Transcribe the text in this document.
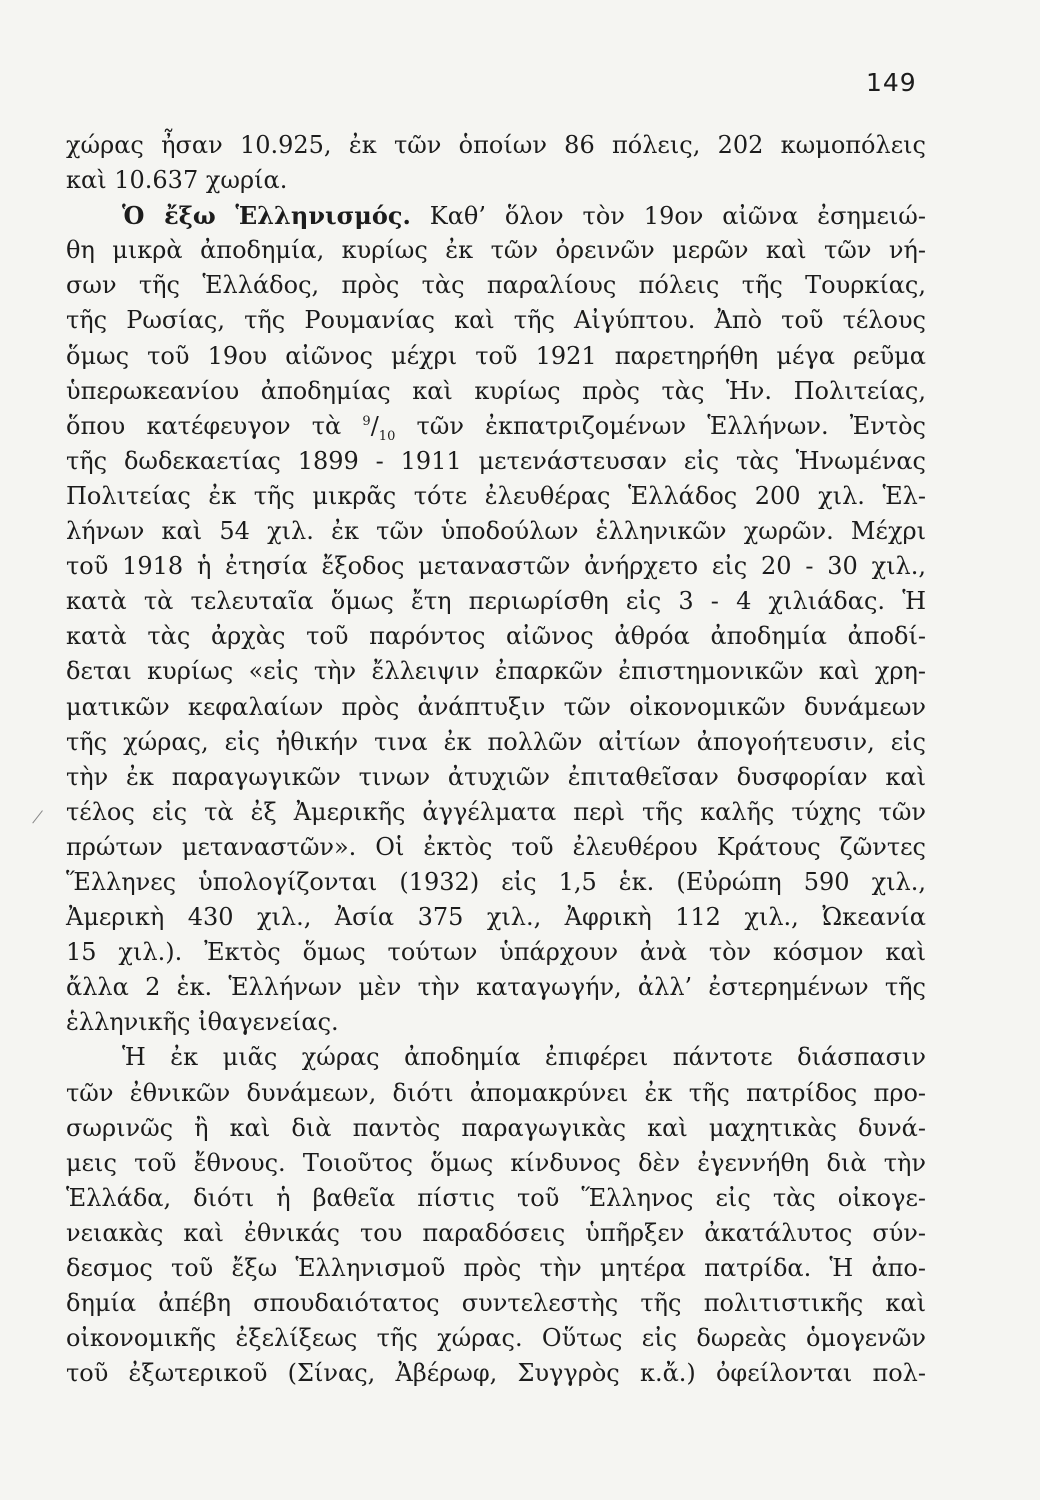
149
χώρας ἦσαν 10.925, ἐκ τῶν ὁποίων 86 πόλεις, 202 κωμοπόλεις
καὶ 10.637 χωρία.
Ὁ ἔξω Ἑλληνισμός. Καθ’ ὅλον τὸν 19ον αἰῶνα ἐσημειώ-
θη μικρὰ ἀποδημία, κυρίως ἐκ τῶν ὀρεινῶν μερῶν καὶ τῶν νή-
σων τῆς Ἑλλάδος, πρὸς τὰς παραλίους πόλεις τῆς Τουρκίας,
τῆς Ρωσίας, τῆς Ρουμανίας καὶ τῆς Αἰγύπτου. Ἀπὸ τοῦ τέλους
ὅμως τοῦ 19ου αἰῶνος μέχρι τοῦ 1921 παρετηρήθη μέγα ρεῦμα
ὑπερωκεανίου ἀποδημίας καὶ κυρίως πρὸς τὰς Ἡν. Πολιτείας,
ὅπου κατέφευγον τὰ $^9/_{10}$ τῶν ἐκπατριζομένων Ἑλλήνων. Ἐντὸς
τῆς δωδεκαετίας 1899 - 1911 μετενάστευσαν εἰς τὰς Ἡνωμένας
Πολιτείας ἐκ τῆς μικρᾶς τότε ἐλευθέρας Ἑλλάδος 200 χιλ. Ἑλ-
λήνων καὶ 54 χιλ. ἐκ τῶν ὑποδούλων ἑλληνικῶν χωρῶν. Μέχρι
τοῦ 1918 ἡ ἐτησία ἔξοδος μεταναστῶν ἀνήρχετο εἰς 20 - 30 χιλ.,
κατὰ τὰ τελευταῖα ὅμως ἔτη περιωρίσθη εἰς 3 - 4 χιλιάδας. Ἡ
κατὰ τὰς ἀρχὰς τοῦ παρόντος αἰῶνος ἀθρόα ἀποδημία ἀποδί-
δεται κυρίως «εἰς τὴν ἔλλειψιν ἐπαρκῶν ἐπιστημονικῶν καὶ χρη-
ματικῶν κεφαλαίων πρὸς ἀνάπτυξιν τῶν οἰκονομικῶν δυνάμεων
τῆς χώρας, εἰς ἠθικήν τινα ἐκ πολλῶν αἰτίων ἀπογοήτευσιν, εἰς
τὴν ἐκ παραγωγικῶν τινων ἀτυχιῶν ἐπιταθεῖσαν δυσφορίαν καὶ
τέλος εἰς τὰ ἐξ Ἀμερικῆς ἀγγέλματα περὶ τῆς καλῆς τύχης τῶν
πρώτων μεταναστῶν». Οἱ ἐκτὸς τοῦ ἐλευθέρου Κράτους ζῶντες
Ἕλληνες ὑπολογίζονται (1932) εἰς 1,5 ἑκ. (Εὐρώπη 590 χιλ.,
Ἀμερικὴ 430 χιλ., Ἀσία 375 χιλ., Ἀφρικὴ 112 χιλ., Ὠκεανία
15 χιλ.). Ἐκτὸς ὅμως τούτων ὑπάρχουν ἀνὰ τὸν κόσμον καὶ
ἄλλα 2 ἑκ. Ἑλλήνων μὲν τὴν καταγωγήν, ἀλλ’ ἐστερημένων τῆς
ἑλληνικῆς ἰθαγενείας.
Ἡ ἐκ μιᾶς χώρας ἀποδημία ἐπιφέρει πάντοτε διάσπασιν
τῶν ἐθνικῶν δυνάμεων, διότι ἀπομακρύνει ἐκ τῆς πατρίδος προ-
σωρινῶς ἢ καὶ διὰ παντὸς παραγωγικὰς καὶ μαχητικὰς δυνά-
μεις τοῦ ἔθνους. Τοιοῦτος ὅμως κίνδυνος δὲν ἐγεννήθη διὰ τὴν
Ἑλλάδα, διότι ἡ βαθεῖα πίστις τοῦ Ἕλληνος εἰς τὰς οἰκογε-
νειακὰς καὶ ἐθνικάς του παραδόσεις ὑπῆρξεν ἀκατάλυτος σύν-
δεσμος τοῦ ἔξω Ἑλληνισμοῦ πρὸς τὴν μητέρα πατρίδα. Ἡ ἀπο-
δημία ἀπέβη σπουδαιότατος συντελεστὴς τῆς πολιτιστικῆς καὶ
οἰκονομικῆς ἐξελίξεως τῆς χώρας. Οὕτως εἰς δωρεὰς ὁμογενῶν
τοῦ ἐξωτερικοῦ (Σίνας, Ἀβέρωφ, Συγγρὸς κ.ἄ.) ὀφείλονται πολ-
